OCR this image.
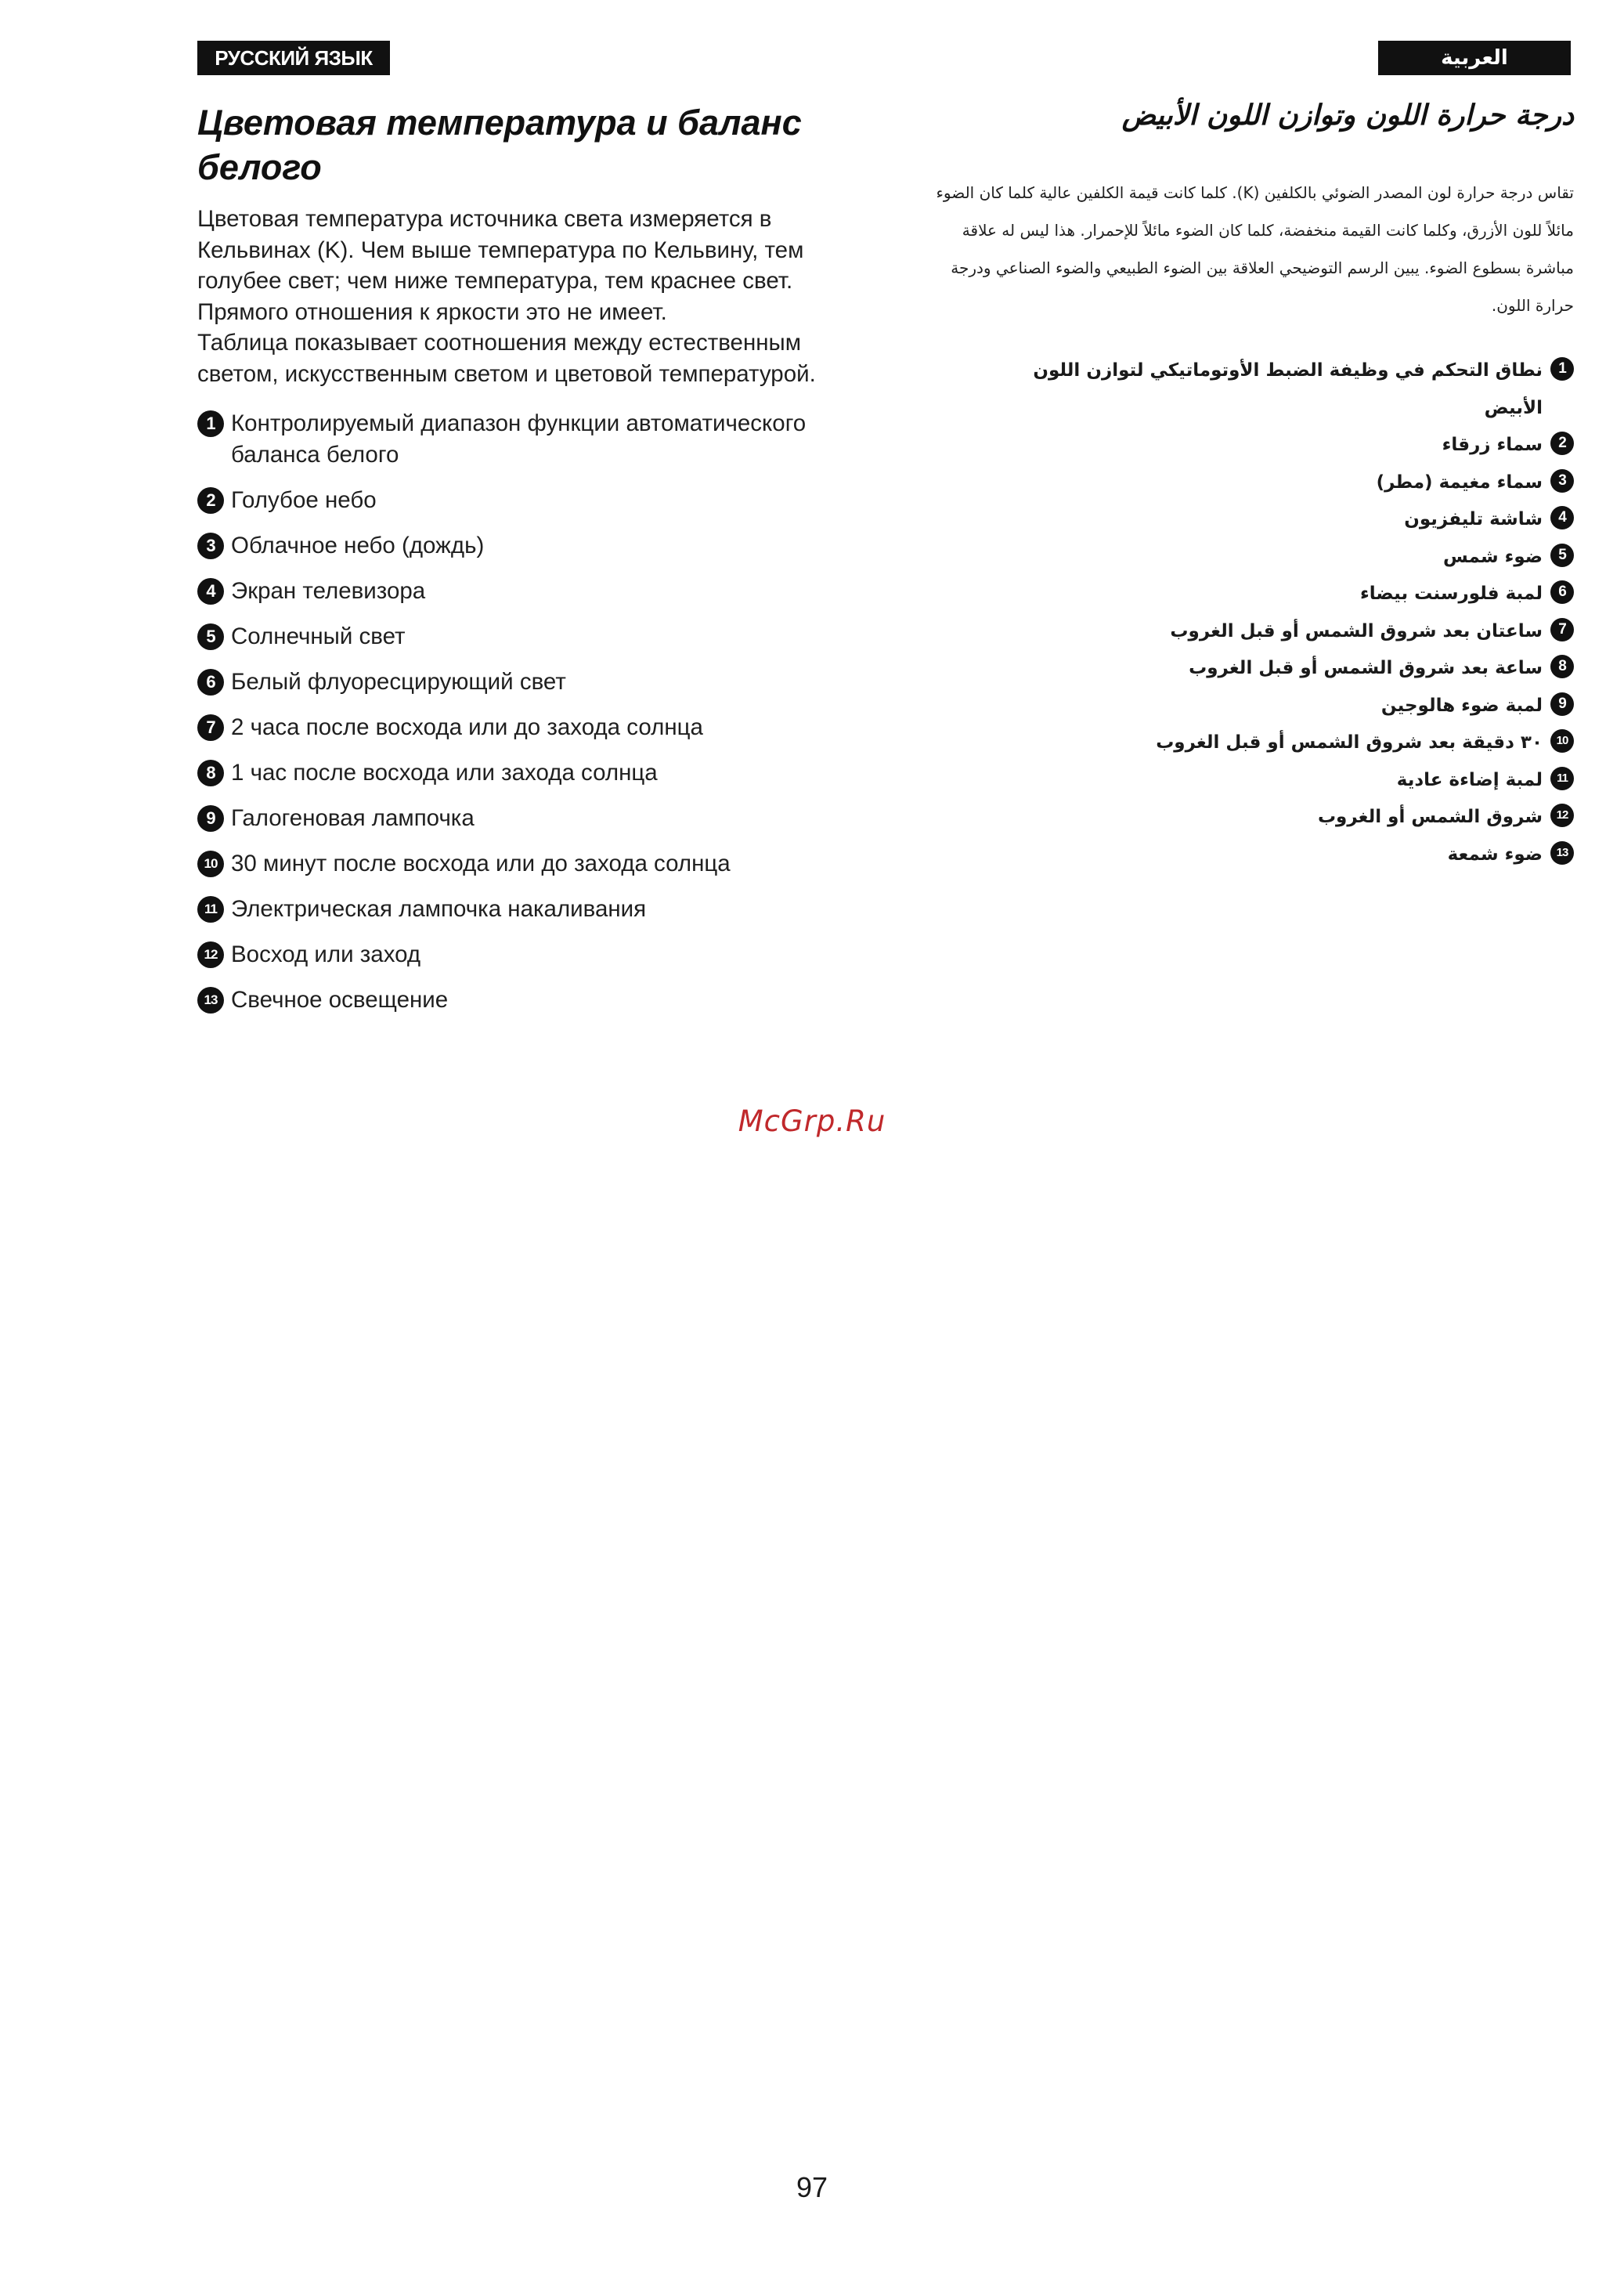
РУССКИЙ ЯЗЫК	العربية
Цветовая температура и баланс
белого

Цветовая температура источника света измеряется в Кельвинах (K). Чем выше температура по Кельвину, тем голубее свет; чем ниже температура, тем краснее свет. Прямого отношения к яркости это не имеет.

Таблица показывает соотношения между естественным светом, искусственным светом и цветовой температурой.

1 Контролируемый диапазон функции автоматического баланса белого
2 Голубое небо
3 Облачное небо (дождь)
4 Экран телевизора
5 Солнечный свет
6 Белый флуоресцирующий свет
7 2 часа после восхода или до захода солнца
8 1 час после восхода или захода солнца
9 Галогеновая лампочка
10 30 минут после восхода или до захода солнца
11 Электрическая лампочка накаливания
12 Восход или заход
13 Свечное освещение
درجة حرارة اللون وتوازن اللون الأبيض

تقاس درجة حرارة لون المصدر الضوئي بالكلفين (K). كلما كانت قيمة الكلفين عالية كلما كان الضوء مائلاً للون الأزرق، وكلما كانت القيمة منخفضة، كلما كان الضوء مائلاً للإحمرار. هذا ليس له علاقة مباشرة بسطوع الضوء. يبين الرسم التوضيحي العلاقة بين الضوء الطبيعي والضوء الصناعي ودرجة حرارة اللون.

1
نطاق التحكم في وظيفة الضبط الأوتوماتيكي لتوازن اللون الأبيض
2
سماء زرقاء
3
سماء مغيمة (مطر)
4
شاشة تليفزيون
5
ضوء شمس
6
لمبة فلورسنت بيضاء
7
ساعتان بعد شروق الشمس أو قبل الغروب
8
ساعة بعد شروق الشمس أو قبل الغروب
9
لمبة ضوء هالوجين
10
٣٠ دقيقة بعد شروق الشمس أو قبل الغروب
11
لمبة إضاءة عادية
12
شروق الشمس أو الغروب
13
ضوء شمعة
McGrp.Ru
97
